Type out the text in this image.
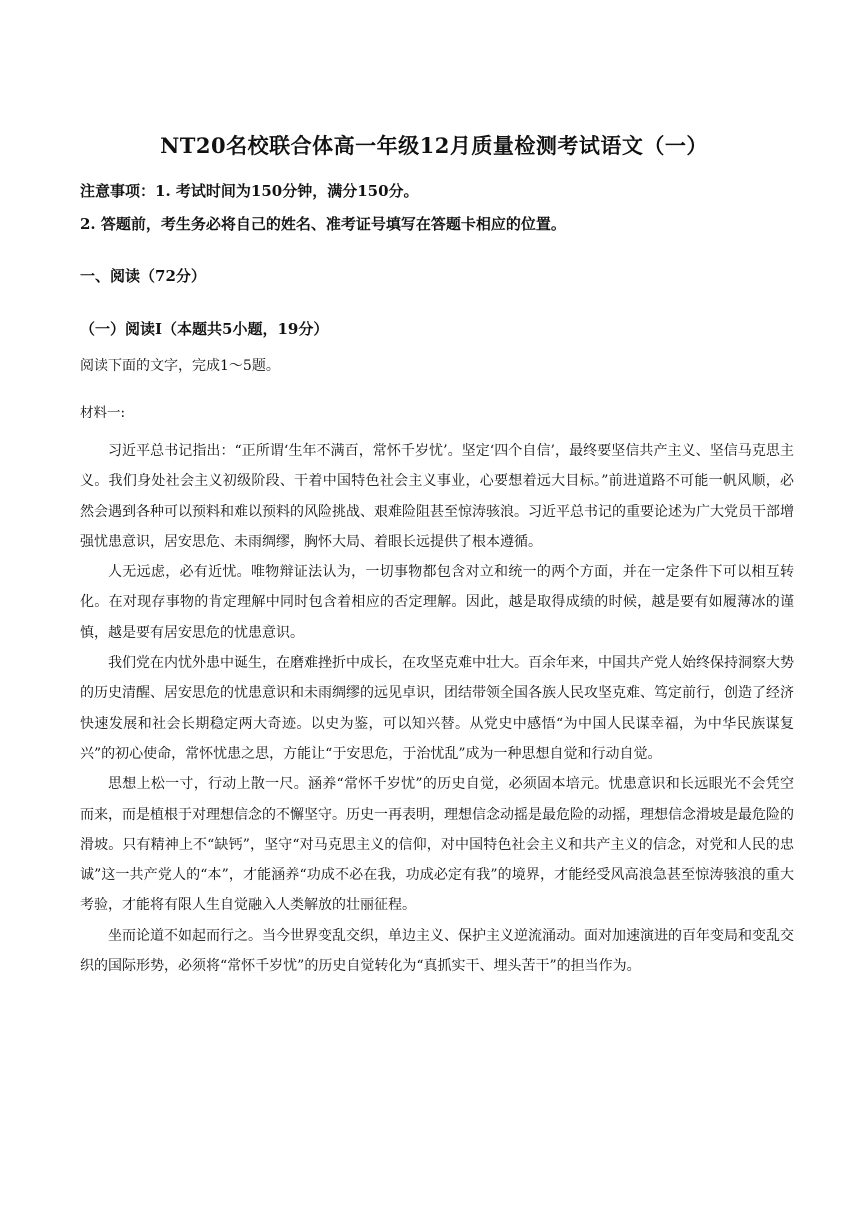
NT20名校联合体高一年级12月质量检测考试语文（一）
注意事项：1. 考试时间为150分钟，满分150分。
2. 答题前，考生务必将自己的姓名、准考证号填写在答题卡相应的位置。
一、阅读（72分）
（一）阅读Ⅰ（本题共5小题，19分）
阅读下面的文字，完成1～5题。
材料一:

习近平总书记指出：“正所谓‘生年不满百，常怀千岁忧’。坚定‘四个自信’，最终要坚信共产主义、坚信马克思主义。我们身处社会主义初级阶段、干着中国特色社会主义事业，心要想着远大目标。”前进道路不可能一帆风顺，必然会遇到各种可以预料和难以预料的风险挑战、艰难险阻甚至惊涛骇浪。习近平总书记的重要论述为广大党员干部增强忧患意识，居安思危、未雨绸缪，胸怀大局、着眼长远提供了根本遵循。

人无远虑，必有近忧。唯物辩证法认为，一切事物都包含对立和统一的两个方面，并在一定条件下可以相互转化。在对现存事物的肯定理解中同时包含着相应的否定理解。因此，越是取得成绩的时候，越是要有如履薄冰的谨慎，越是要有居安思危的忧患意识。

我们党在内忧外患中诞生，在磨难挫折中成长，在攻坚克难中壮大。百余年来，中国共产党人始终保持洞察大势的历史清醒、居安思危的忧患意识和未雨绸缪的远见卓识，团结带领全国各族人民攻坚克难、笃定前行，创造了经济快速发展和社会长期稳定两大奇迹。以史为鉴，可以知兴替。从党史中感悟“为中国人民谋幸福，为中华民族谋复兴”的初心使命，常怀忧患之思，方能让“于安思危，于治忧乱”成为一种思想自觉和行动自觉。

思想上松一寸，行动上散一尺。涵养“常怀千岁忧”的历史自觉，必须固本培元。忧患意识和长远眼光不会凭空而来，而是植根于对理想信念的不懈坚守。历史一再表明，理想信念动摇是最危险的动摇，理想信念滑坡是最危险的滑坡。只有精神上不“缺钙”，坚守“对马克思主义的信仰，对中国特色社会主义和共产主义的信念，对党和人民的忠诚”这一共产党人的“本”，才能涵养“功成不必在我，功成必定有我”的境界，才能经受风高浪急甚至惊涛骇浪的重大考验，才能将有限人生自觉融入人类解放的壮丽征程。

坐而论道不如起而行之。当今世界变乱交织，单边主义、保护主义逆流涌动。面对加速演进的百年变局和变乱交织的国际形势，必须将“常怀千岁忧”的历史自觉转化为“真抓实干、埋头苦干”的担当作为。
